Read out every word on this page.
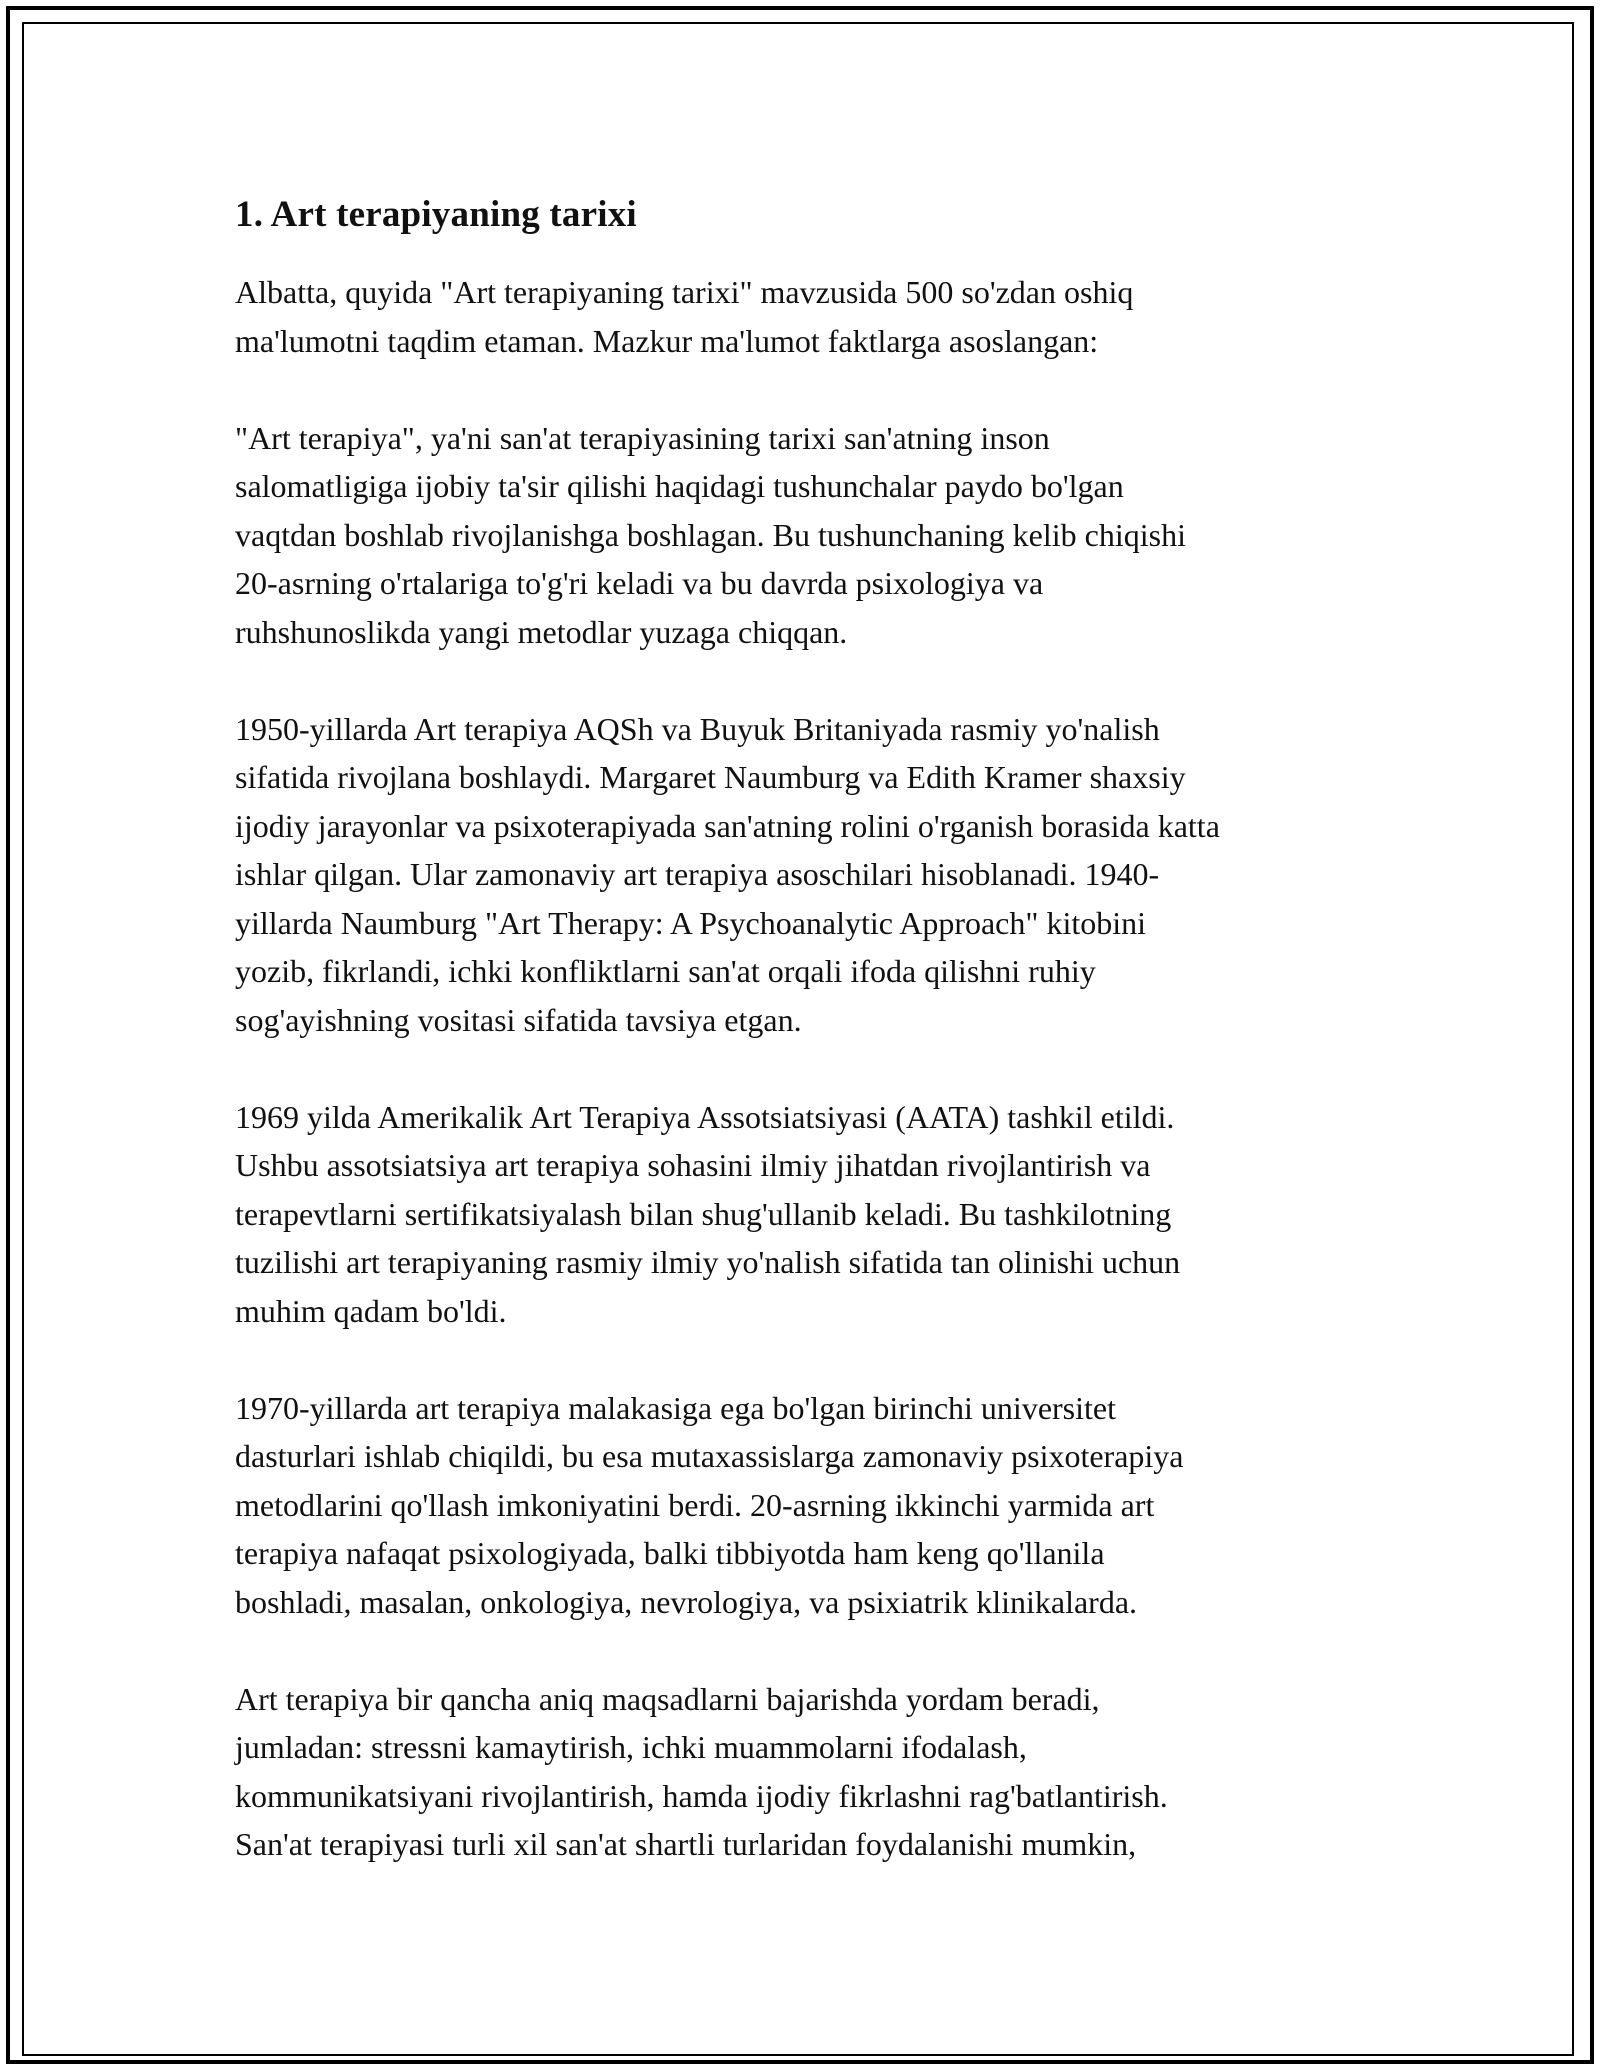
1. Art terapiyaning tarixi

Albatta, quyida "Art terapiyaning tarixi" mavzusida 500 so'zdan oshiq
ma'lumotni taqdim etaman. Mazkur ma'lumot faktlarga asoslangan:

"Art terapiya", ya'ni san'at terapiyasining tarixi san'atning inson
salomatligiga ijobiy ta'sir qilishi haqidagi tushunchalar paydo bo'lgan
vaqtdan boshlab rivojlanishga boshlagan. Bu tushunchaning kelib chiqishi
20-asrning o'rtalariga to'g'ri keladi va bu davrda psixologiya va
ruhshunoslikda yangi metodlar yuzaga chiqqan.

1950-yillarda Art terapiya AQSh va Buyuk Britaniyada rasmiy yo'nalish
sifatida rivojlana boshlaydi. Margaret Naumburg va Edith Kramer shaxsiy
ijodiy jarayonlar va psixoterapiyada san'atning rolini o'rganish borasida katta
ishlar qilgan. Ular zamonaviy art terapiya asoschilari hisoblanadi. 1940-
yillarda Naumburg "Art Therapy: A Psychoanalytic Approach" kitobini
yozib, fikrlandi, ichki konfliktlarni san'at orqali ifoda qilishni ruhiy
sog'ayishning vositasi sifatida tavsiya etgan.

1969 yilda Amerikalik Art Terapiya Assotsiatsiyasi (AATA) tashkil etildi.
Ushbu assotsiatsiya art terapiya sohasini ilmiy jihatdan rivojlantirish va
terapevtlarni sertifikatsiyalash bilan shug'ullanib keladi. Bu tashkilotning
tuzilishi art terapiyaning rasmiy ilmiy yo'nalish sifatida tan olinishi uchun
muhim qadam bo'ldi.

1970-yillarda art terapiya malakasiga ega bo'lgan birinchi universitet
dasturlari ishlab chiqildi, bu esa mutaxassislarga zamonaviy psixoterapiya
metodlarini qo'llash imkoniyatini berdi. 20-asrning ikkinchi yarmida art
terapiya nafaqat psixologiyada, balki tibbiyotda ham keng qo'llanila
boshladi, masalan, onkologiya, nevrologiya, va psixiatrik klinikalarda.

Art terapiya bir qancha aniq maqsadlarni bajarishda yordam beradi,
jumladan: stressni kamaytirish, ichki muammolarni ifodalash,
kommunikatsiyani rivojlantirish, hamda ijodiy fikrlashni rag'batlantirish.
San'at terapiyasi turli xil san'at shartli turlaridan foydalanishi mumkin,
